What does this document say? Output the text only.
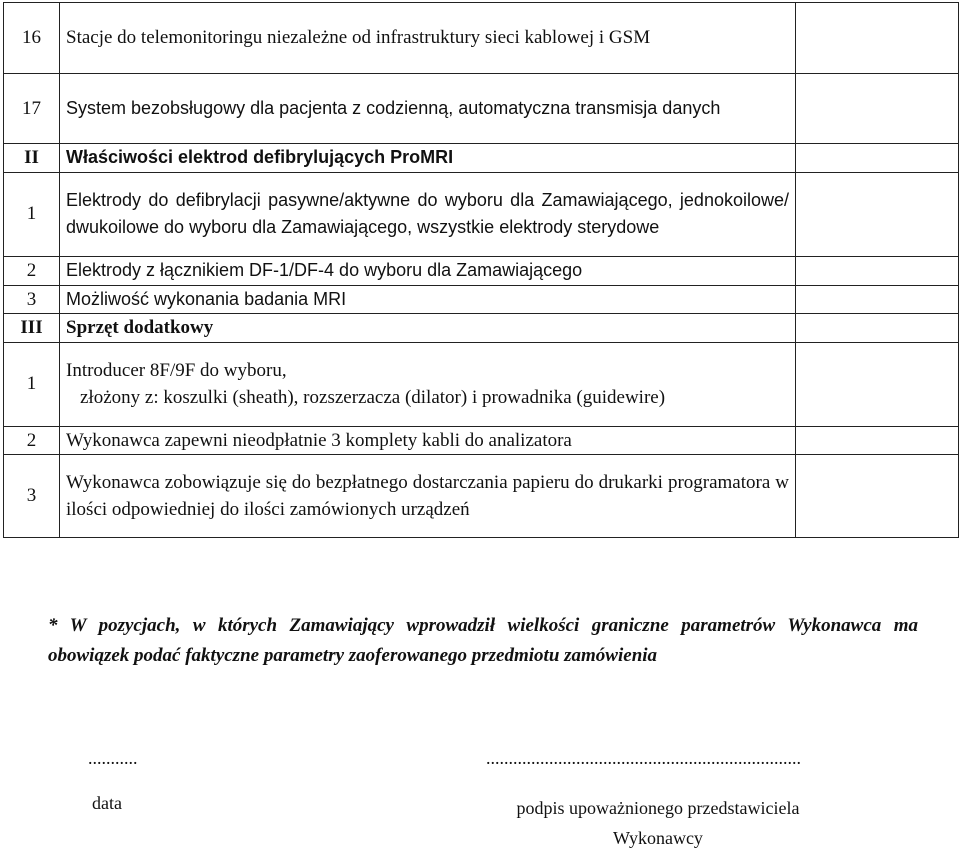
16	Stacje do telemonitoringu niezależne od infrastruktury sieci kablowej i GSM	
17	System bezobsługowy dla pacjenta z codzienną, automatyczna transmisja danych	
II	Właściwości elektrod defibrylujących ProMRI	
1	Elektrody do defibrylacji pasywne/aktywne do wyboru dla Zamawiającego, jednokoilowe/ dwukoilowe do wyboru dla Zamawiającego, wszystkie elektrody sterydowe	
2	Elektrody z łącznikiem DF-1/DF-4 do wyboru dla Zamawiającego	
3	Możliwość wykonania badania MRI	
III	Sprzęt dodatkowy	
1	Introducer 8F/9F do wyboru,
złożony z: koszulki (sheath), rozszerzacza (dilator) i prowadnika (guidewire)	

2	Wykonawca zapewni nieodpłatnie 3 komplety kabli do analizatora	
3	Wykonawca zobowiązuje się do bezpłatnego dostarczania papieru do drukarki programatora w ilości odpowiedniej do ilości zamówionych urządzeń	
* W pozycjach, w których Zamawiający wprowadził wielkości graniczne parametrów Wykonawca ma obowiązek podać faktyczne parametry zaoferowanego przedmiotu zamówienia
...........	......................................................................
data	podpis upoważnionego przedstawiciela Wykonawcy
